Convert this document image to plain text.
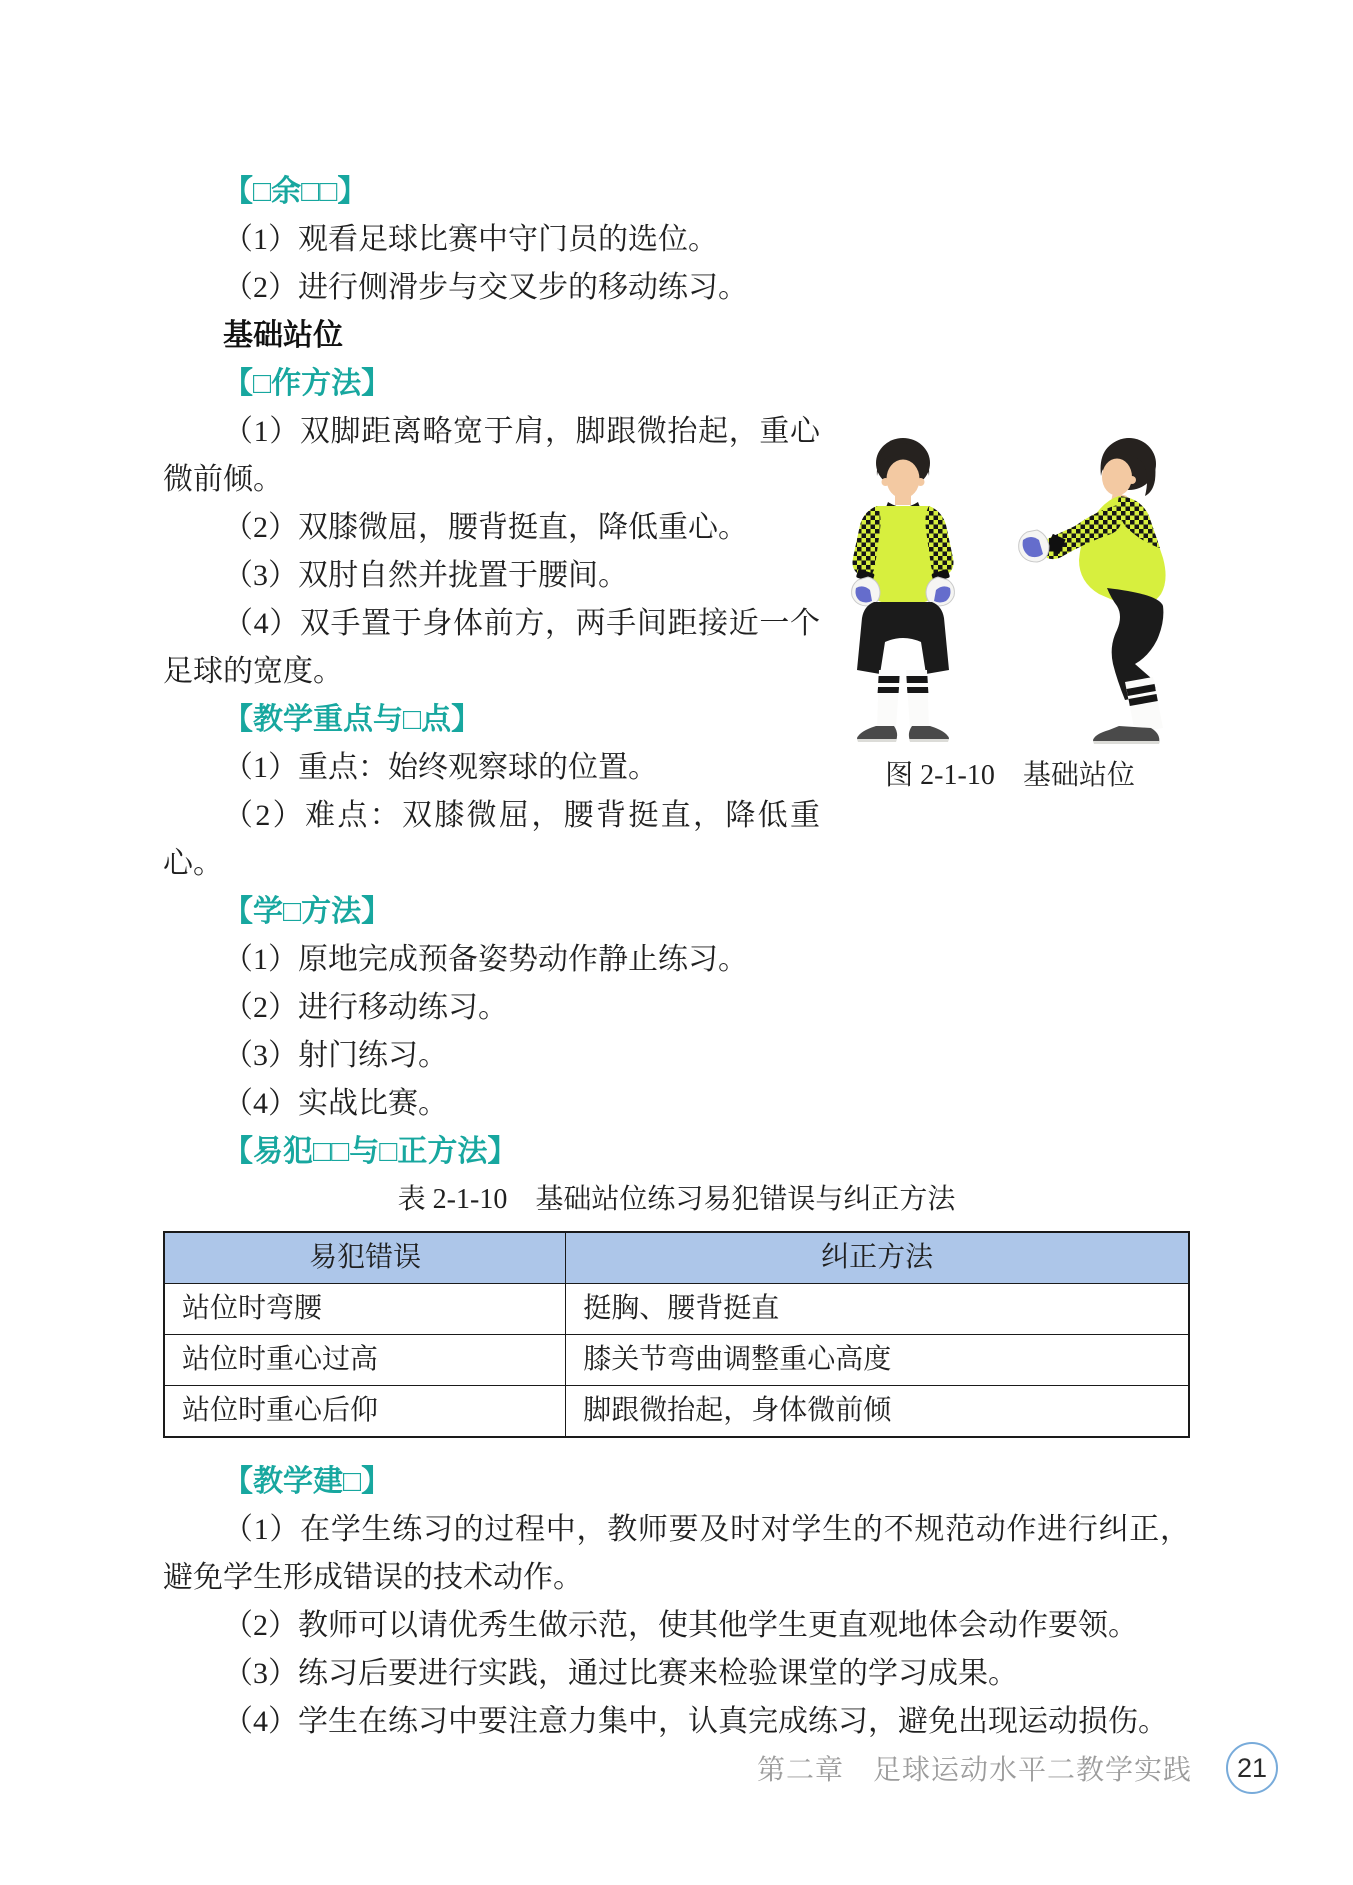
【□余□□】

（1）观看足球比赛中守门员的选位。

（2）进行侧滑步与交叉步的移动练习。

基础站位
【□作方法】
图 2-1-10　基础站位

（1）双脚距离略宽于肩，脚跟微抬起，重心微前倾。

（2）双膝微屈，腰背挺直，降低重心。

（3）双肘自然并拢置于腰间。

（4）双手置于身体前方，两手间距接近一个足球的宽度。

【教学重点与□点】

（1）重点：始终观察球的位置。

（2）难点：双膝微屈，腰背挺直，降低重心。

【学□方法】

（1）原地完成预备姿势动作静止练习。

（2）进行移动练习。

（3）射门练习。

（4）实战比赛。

【易犯□□与□正方法】

表 2-1-10　基础站位练习易犯错误与纠正方法

易犯错误	纠正方法
站位时弯腰	挺胸、腰背挺直
站位时重心过高	膝关节弯曲调整重心高度
站位时重心后仰	脚跟微抬起，身体微前倾
【教学建□】

（1）在学生练习的过程中，教师要及时对学生的不规范动作进行纠正，避免学生形成错误的技术动作。

（2）教师可以请优秀生做示范，使其他学生更直观地体会动作要领。

（3）练习后要进行实践，通过比赛来检验课堂的学习成果。

（4）学生在练习中要注意力集中，认真完成练习，避免出现运动损伤。

第二章　足球运动水平二教学实践 21
